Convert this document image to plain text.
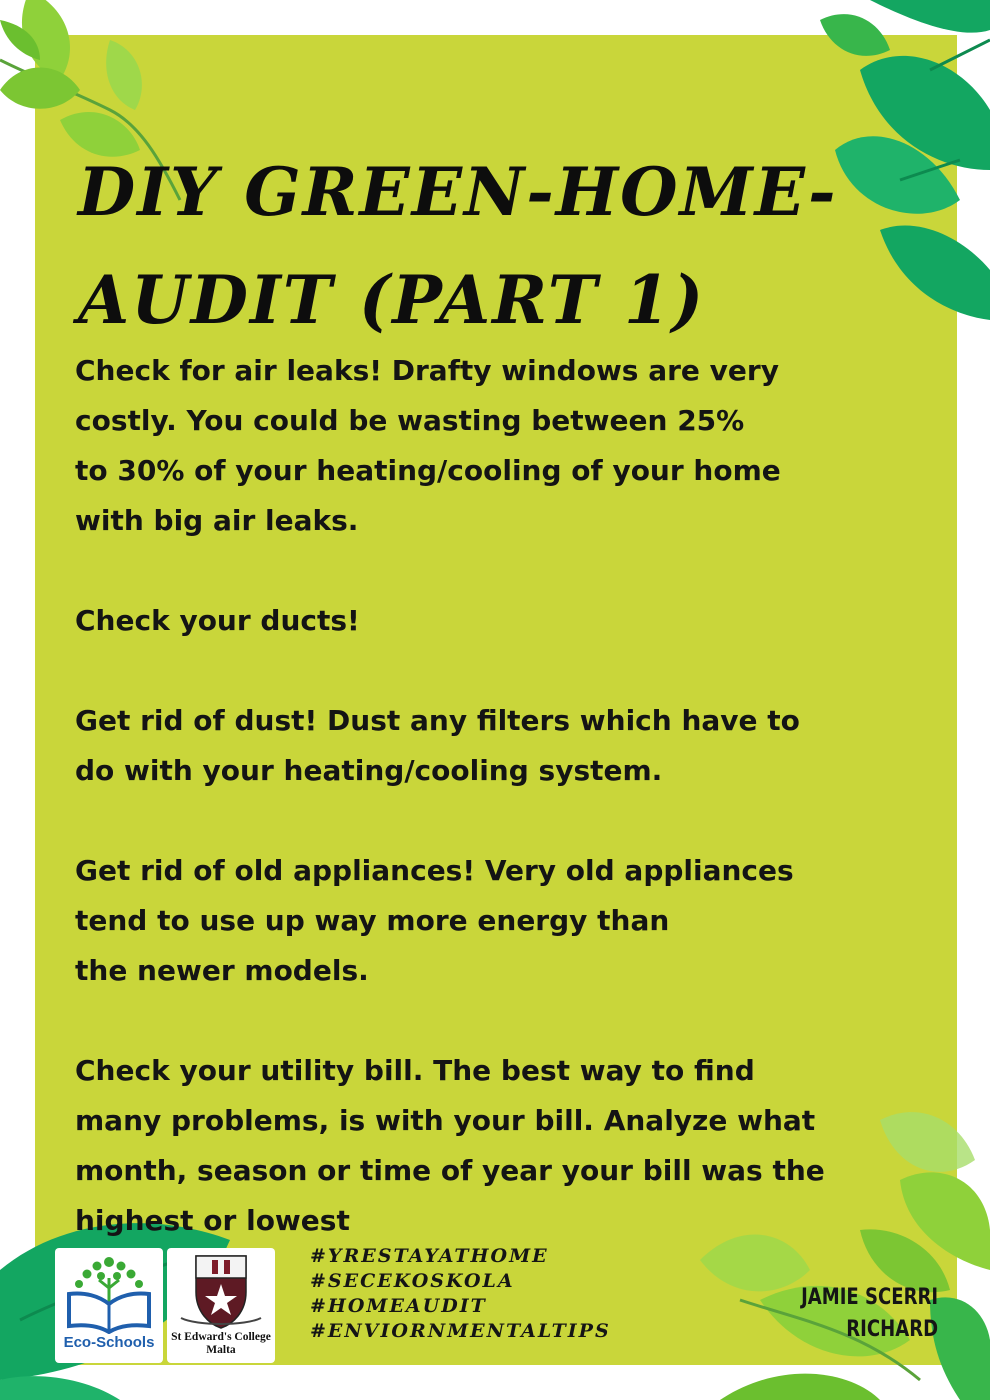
DIY GREEN-HOME-
AUDIT (PART 1)

Check for air leaks! Drafty windows are very
costly. You could be wasting between 25%
to 30% of your heating/cooling of your home
with big air leaks.

Check your ducts!

Get rid of dust! Dust any filters which have to
do with your heating/cooling system.

Get rid of old appliances! Very old appliances
tend to use up way more energy than
the newer models.

Check your utility bill. The best way to find
many problems, is with your bill. Analyze what
month, season or time of year your bill was the
highest or lowest

Eco-Schools	St Edward's College
Malta
#YRESTAYATHOME
#SECEKOSKOLA
#HOMEAUDIT
#ENVIORNMENTALTIPS
JAMIE SCERRI
RICHARD
